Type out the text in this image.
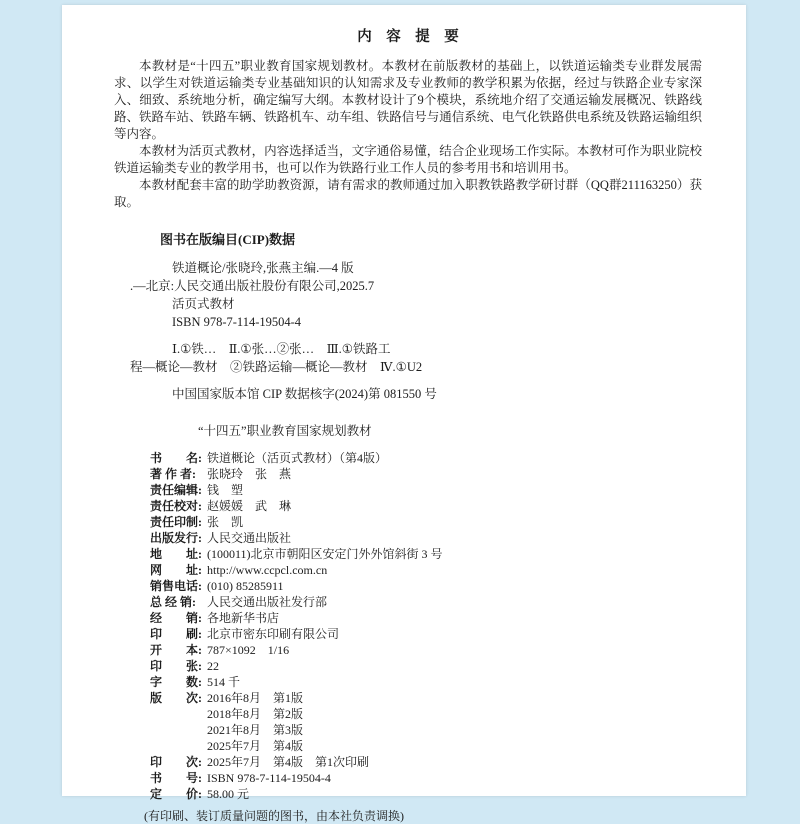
内　容　提　要

本教材是“十四五”职业教育国家规划教材。本教材在前版教材的基础上，以铁道运输类专业群发展需求、以学生对铁道运输类专业基础知识的认知需求及专业教师的教学积累为依据，经过与铁路企业专家深入、细致、系统地分析，确定编写大纲。本教材设计了9个模块，系统地介绍了交通运输发展概况、铁路线路、铁路车站、铁路车辆、铁路机车、动车组、铁路信号与通信系统、电气化铁路供电系统及铁路运输组织等内容。

本教材为活页式教材，内容选择适当，文字通俗易懂，结合企业现场工作实际。本教材可作为职业院校铁道运输类专业的教学用书，也可以作为铁路行业工作人员的参考用书和培训用书。

本教材配套丰富的助学助教资源，请有需求的教师通过加入职教铁路教学研讨群（QQ群211163250）获取。

图书在版编目(CIP)数据
铁道概论/张晓玲,张燕主编.—4 版
.—北京:人民交通出版社股份有限公司,2025.7
活页式教材
ISBN 978-7-114-19504-4
Ⅰ.①铁…　Ⅱ.①张…②张…　Ⅲ.①铁路工
程—概论—教材　②铁路运输—概论—教材　Ⅳ.①U2
中国国家版本馆 CIP 数据核字(2024)第 081550 号
“十四五”职业教育国家规划教材
书　　名: 铁道概论（活页式教材）（第4版）
著 作 者: 张晓玲　张　燕
责任编辑: 钱　塑
责任校对: 赵媛媛　武　琳
责任印制: 张　凯
出版发行: 人民交通出版社
地　　址: (100011)北京市朝阳区安定门外外馆斜街 3 号
网　　址: http://www.ccpcl.com.cn
销售电话: (010) 85285911
总 经 销: 人民交通出版社发行部
经　　销: 各地新华书店
印　　刷: 北京市密东印刷有限公司
开　　本: 787×1092　1/16
印　　张: 22
字　　数: 514 千
版　　次: 2016年8月　第1版
2018年8月　第2版
2021年8月　第3版
2025年7月　第4版
印　　次: 2025年7月　第4版　第1次印刷
书　　号: ISBN 978-7-114-19504-4
定　　价: 58.00 元
(有印刷、装订质量问题的图书，由本社负责调换)
